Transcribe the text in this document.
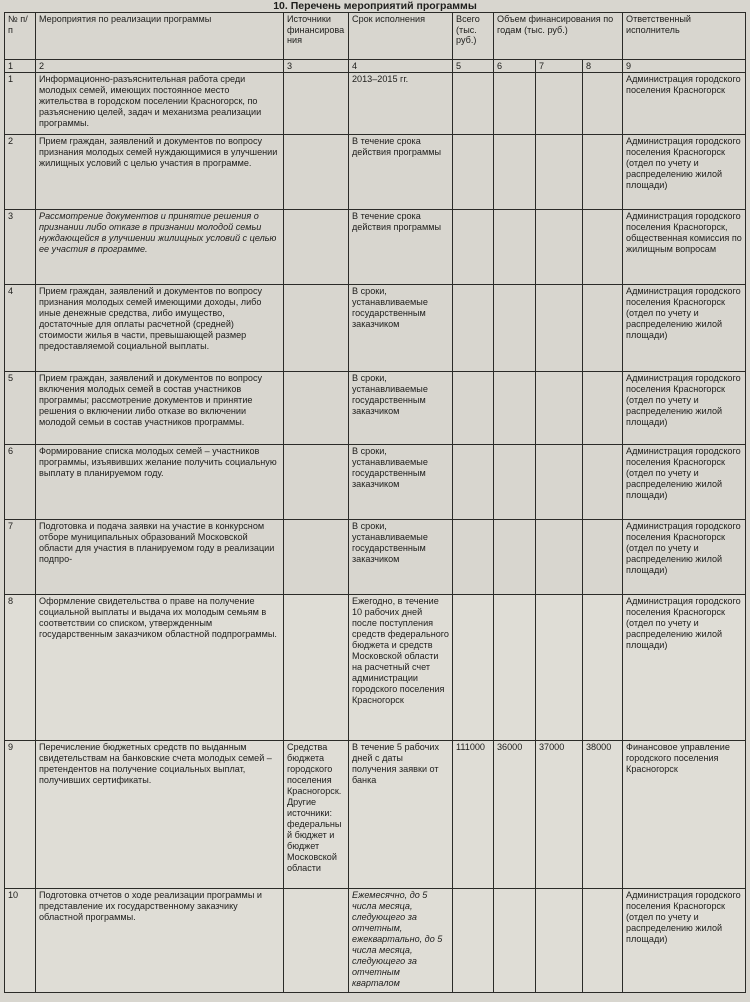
10. Перечень мероприятий программы
№ п/п	Мероприятия по реализации программы	Источники финансирования	Срок исполнения	Всего (тыс. руб.)	Объем финансирования по годам (тыс. руб.)			Ответственный исполнитель
1	2	3	4	5	6	7	8	9
1	Информационно-разъяснительная работа среди молодых семей, имеющих постоянное место жительства в городском поселении Красногорск, по разъяснению целей, задач и механизма реализации программы.		2013–2015 гг.					Администрация городского поселения Красногорск
2	Прием граждан, заявлений и документов по вопросу признания молодых семей нуждающимися в улучшении жилищных условий с целью участия в программе.		В течение срока действия программы					Администрация городского поселения Красногорск (отдел по учету и распределению жилой площади)
3	Рассмотрение документов и принятие решения о признании либо отказе в признании молодой семьи нуждающейся в улучшении жилищных условий с целью ее участия в программе.		В течение срока действия программы					Администрация городского поселения Красногорск, общественная комиссия по жилищным вопросам
4	Прием граждан, заявлений и документов по вопросу признания молодых семей имеющими доходы, либо иные денежные средства, либо имущество, достаточные для оплаты расчетной (средней) стоимости жилья в части, превышающей размер предоставляемой социальной выплаты.		В сроки, устанавливаемые государственным заказчиком					Администрация городского поселения Красногорск (отдел по учету и распределению жилой площади)
5	Прием граждан, заявлений и документов по вопросу включения молодых семей в состав участников программы; рассмотрение документов и принятие решения о включении либо отказе во включении молодой семьи в состав участников программы.		В сроки, устанавливаемые государственным заказчиком					Администрация городского поселения Красногорск (отдел по учету и распределению жилой площади)
6	Формирование списка молодых семей – участников программы, изъявивших желание получить социальную выплату в планируемом году.		В сроки, устанавливаемые государственным заказчиком					Администрация городского поселения Красногорск (отдел по учету и распределению жилой площади)
7	Подготовка и подача заявки на участие в конкурсном отборе муниципальных образований Московской области для участия в планируемом году в реализации подпро-		В сроки, устанавливаемые государственным заказчиком					Администрация городского поселения Красногорск (отдел по учету и распределению жилой площади)
8	Оформление свидетельства о праве на получение социальной выплаты и выдача их молодым семьям в соответствии со списком, утвержденным государственным заказчиком областной подпрограммы.		Ежегодно, в течение 10 рабочих дней после поступления средств федерального бюджета и средств Московской области на расчетный счет администрации городского поселения Красногорск					Администрация городского поселения Красногорск (отдел по учету и распределению жилой площади)
9	Перечисление бюджетных средств по выданным свидетельствам на банковские счета молодых семей – претендентов на получение социальных выплат, получивших сертификаты.	Средства бюджета городского поселения Красногорск. Другие источники: федеральный бюджет и бюджет Московской области	В течение 5 рабочих дней с даты получения заявки от банка	111000	36000	37000	38000	Финансовое управление городского поселения Красногорск
10	Подготовка отчетов о ходе реализации программы и представление их государственному заказчику областной программы.		Ежемесячно, до 5 числа месяца, следующего за отчетным, ежеквартально, до 5 числа месяца, следующего за отчетным кварталом					Администрация городского поселения Красногорск (отдел по учету и распределению жилой площади)
